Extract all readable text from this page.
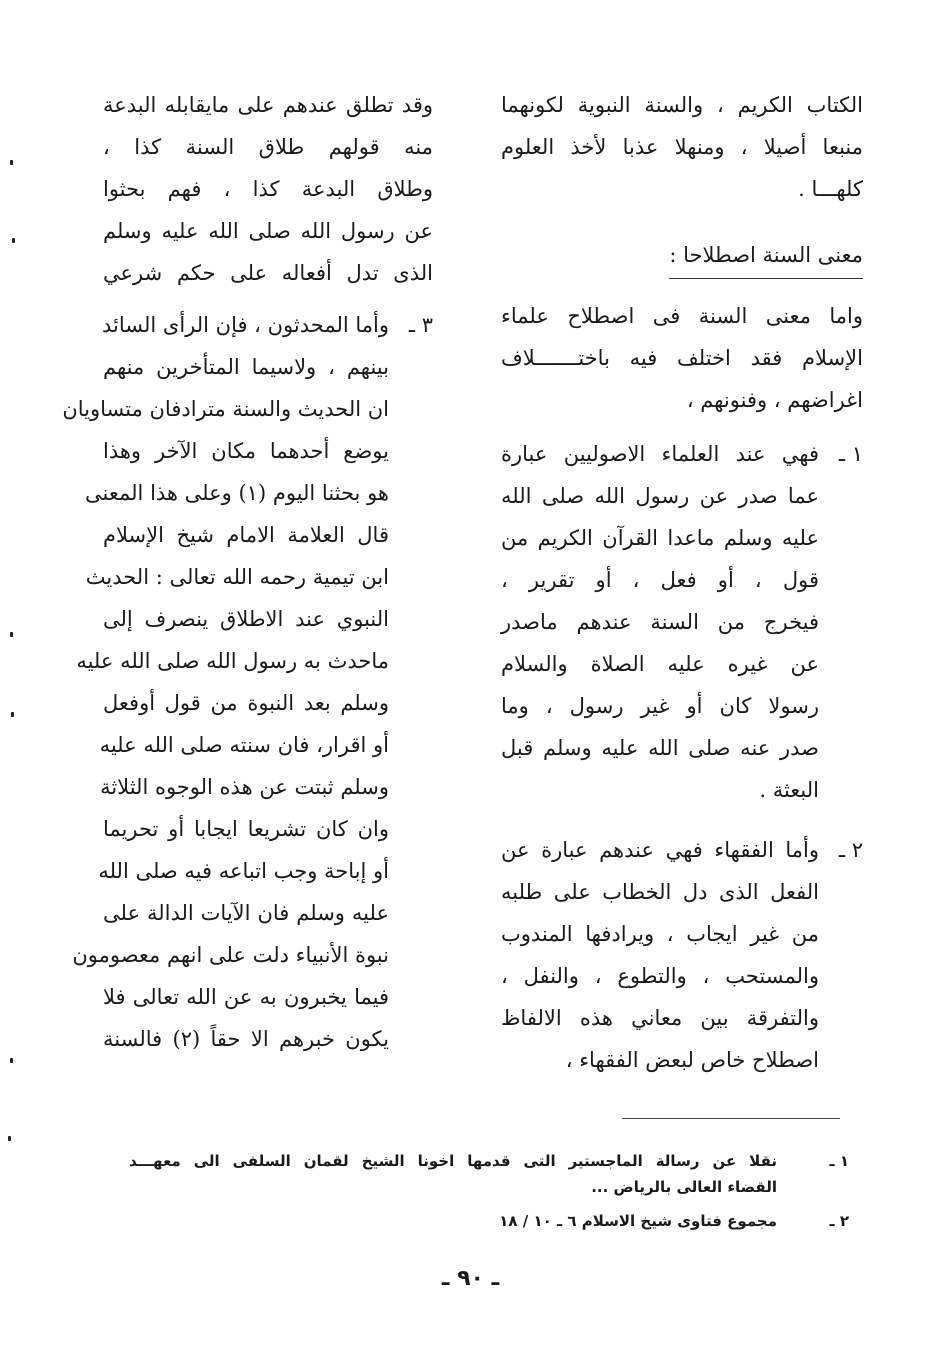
الكتاب الكريم ، والسنة النبوية لكونهما
منبعا أصيلا ، ومنهلا عذبا لأخذ العلوم
كلهـــا .
معنى السنة اصطلاحا :
واما معنى السنة فى اصطلاح علماء
الإسلام فقد اختلف فيه باختـــــــلاف
اغراضهم ، وفنونهم ،
١ ـ
فهي عند العلماء الاصوليين عبارة
عما صدر عن رسول الله صلى الله
عليه وسلم ماعدا القرآن الكريم من
قول ، أو فعل ، أو تقرير ،
فيخرج من السنة عندهم ماصدر
عن غيره عليه الصلاة والسلام
رسولا كان أو غير رسول ، وما
صدر عنه صلى الله عليه وسلم قبل
البعثة .
٢ ـ
وأما الفقهاء فهي عندهم عبارة عن
الفعل الذى دل الخطاب على طلبه
من غير ايجاب ، ويرادفها المندوب
والمستحب ، والتطوع ، والنفل ،
والتفرقة بين معاني هذه الالفاظ
اصطلاح خاص لبعض الفقهاء ،
وقد تطلق عندهم على مايقابله البدعة
منه قولهم طلاق السنة كذا ،
وطلاق البدعة كذا ، فهم بحثوا
عن رسول الله صلى الله عليه وسلم
الذى تدل أفعاله على حكم شرعي
٣ ـ
وأما المحدثون ، فإن الرأى السائد
بينهم ، ولاسيما المتأخرين منهم
ان الحديث والسنة مترادفان متساويان
يوضع أحدهما مكان الآخر وهذا
هو بحثنا اليوم (١) وعلى هذا المعنى
قال العلامة الامام شيخ الإسلام
ابن تيمية رحمه الله تعالى : الحديث
النبوي عند الاطلاق ينصرف إلى
ماحدث به رسول الله صلى الله عليه
وسلم بعد النبوة من قول أوفعل
أو اقرار، فان سنته صلى الله عليه
وسلم ثبتت عن هذه الوجوه الثلاثة
وان كان تشريعا ايجابا أو تحريما
أو إباحة وجب اتباعه فيه صلى الله
عليه وسلم فان الآيات الدالة على
نبوة الأنبياء دلت على انهم معصومون
فيما يخبرون به عن الله تعالى فلا
يكون خبرهم الا حقاً (٢) فالسنة
١ ـ
نقلا عن رسالة الماجستير التى قدمها اخونا الشيخ لقمان السلفى الى معهـــد
القضاء العالى بالرياض ...
٢ ـ
مجموع فتاوى شيخ الاسلام ٦ ـ ١٠ / ١٨
ـ ٩٠ ـ
